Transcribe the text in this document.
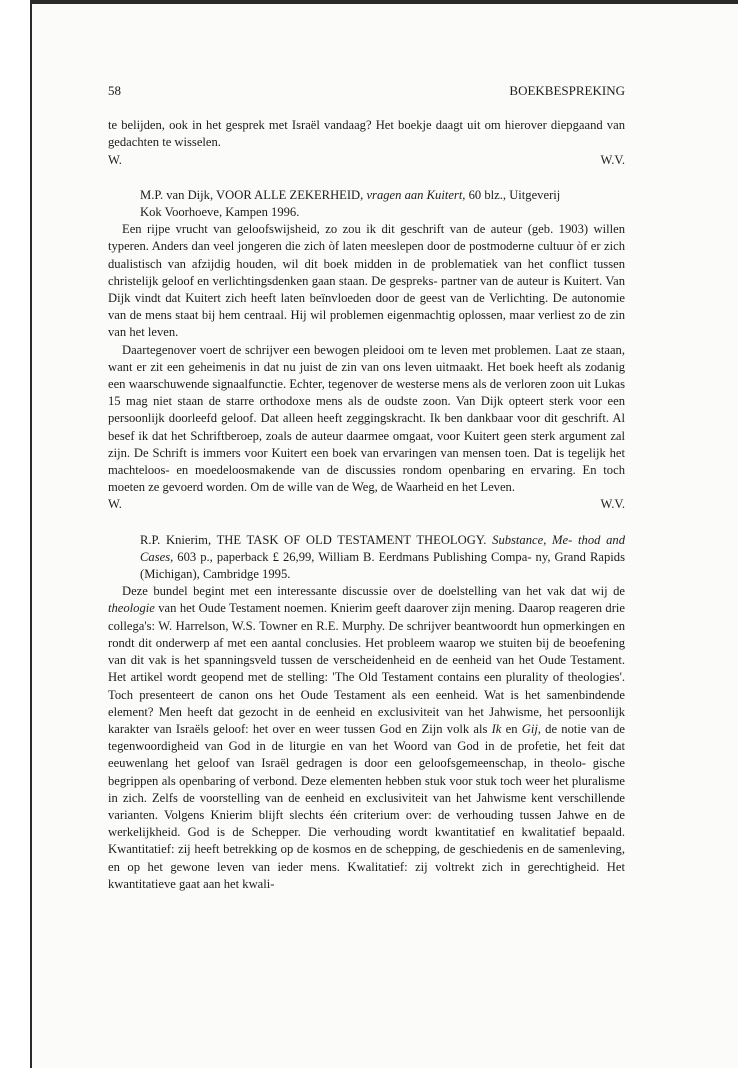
58	BOEKBESPREKING

te belijden, ook in het gesprek met Israël vandaag? Het boekje daagt uit om hierover diepgaand van gedachten te wisselen.

W.	W.V.

M.P. van Dijk, VOOR ALLE ZEKERHEID, vragen aan Kuitert, 60 blz., Uitgeverij
Kok Voorhoeve, Kampen 1996.

Een rijpe vrucht van geloofswijsheid, zo zou ik dit geschrift van de auteur (geb. 1903) willen typeren. Anders dan veel jongeren die zich òf laten meeslepen door de postmoderne cultuur òf er zich dualistisch van afzijdig houden, wil dit boek midden in de problematiek van het conflict tussen christelijk geloof en verlichtingsdenken gaan staan. De gespreks- partner van de auteur is Kuitert. Van Dijk vindt dat Kuitert zich heeft laten beïnvloeden door de geest van de Verlichting. De autonomie van de mens staat bij hem centraal. Hij wil problemen eigenmachtig oplossen, maar verliest zo de zin van het leven.

Daartegenover voert de schrijver een bewogen pleidooi om te leven met problemen. Laat ze staan, want er zit een geheimenis in dat nu juist de zin van ons leven uitmaakt. Het boek heeft als zodanig een waarschuwende signaalfunctie. Echter, tegenover de westerse mens als de verloren zoon uit Lukas 15 mag niet staan de starre orthodoxe mens als de oudste zoon. Van Dijk opteert sterk voor een persoonlijk doorleefd geloof. Dat alleen heeft zeggingskracht. Ik ben dankbaar voor dit geschrift. Al besef ik dat het Schriftberoep, zoals de auteur daarmee omgaat, voor Kuitert geen sterk argument zal zijn. De Schrift is immers voor Kuitert een boek van ervaringen van mensen toen. Dat is tegelijk het machteloos- en moedeloosmakende van de discussies rondom openbaring en ervaring. En toch moeten ze gevoerd worden. Om de wille van de Weg, de Waarheid en het Leven.

W.	W.V.

R.P. Knierim, THE TASK OF OLD TESTAMENT THEOLOGY. Substance, Me- thod and Cases, 603 p., paperback £ 26,99, William B. Eerdmans Publishing Compa- ny, Grand Rapids (Michigan), Cambridge 1995.

Deze bundel begint met een interessante discussie over de doelstelling van het vak dat wij de theologie van het Oude Testament noemen. Knierim geeft daarover zijn mening. Daarop reageren drie collega's: W. Harrelson, W.S. Towner en R.E. Murphy. De schrijver beantwoordt hun opmerkingen en rondt dit onderwerp af met een aantal conclusies. Het probleem waarop we stuiten bij de beoefening van dit vak is het spanningsveld tussen de verscheidenheid en de eenheid van het Oude Testament. Het artikel wordt geopend met de stelling: 'The Old Testament contains een plurality of theologies'. Toch presenteert de canon ons het Oude Testament als een eenheid. Wat is het samenbindende element? Men heeft dat gezocht in de eenheid en exclusiviteit van het Jahwisme, het persoonlijk karakter van Israëls geloof: het over en weer tussen God en Zijn volk als Ik en Gij, de notie van de tegenwoordigheid van God in de liturgie en van het Woord van God in de profetie, het feit dat eeuwenlang het geloof van Israël gedragen is door een geloofsgemeenschap, in theolo- gische begrippen als openbaring of verbond. Deze elementen hebben stuk voor stuk toch weer het pluralisme in zich. Zelfs de voorstelling van de eenheid en exclusiviteit van het Jahwisme kent verschillende varianten. Volgens Knierim blijft slechts één criterium over: de verhouding tussen Jahwe en de werkelijkheid. God is de Schepper. Die verhouding wordt kwantitatief en kwalitatief bepaald. Kwantitatief: zij heeft betrekking op de kosmos en de schepping, de geschiedenis en de samenleving, en op het gewone leven van ieder mens. Kwalitatief: zij voltrekt zich in gerechtigheid. Het kwantitatieve gaat aan het kwali-
